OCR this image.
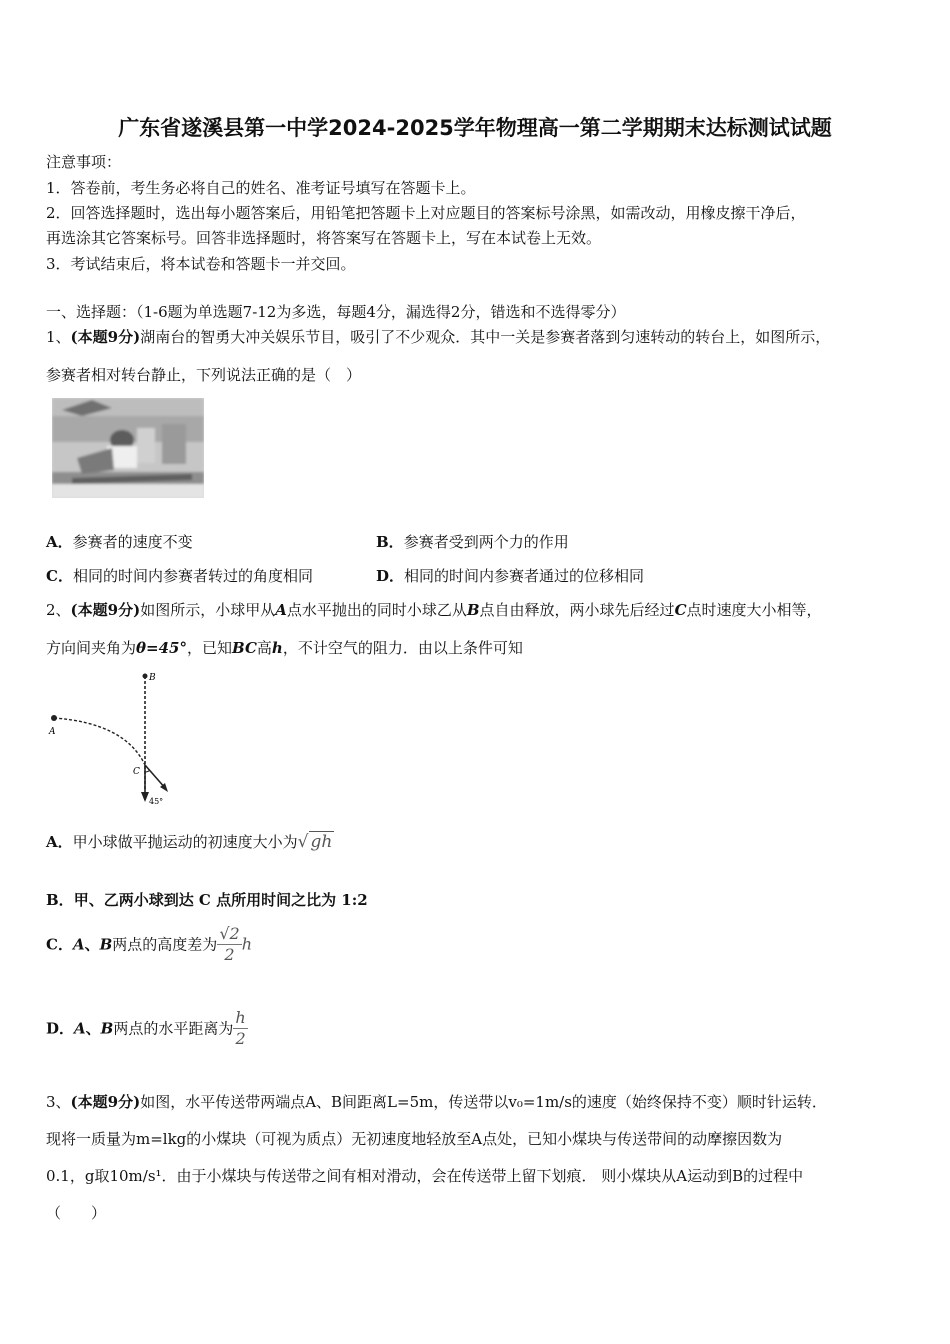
广东省遂溪县第一中学2024-2025学年物理高一第二学期期末达标测试试题
注意事项：
1．答卷前，考生务必将自己的姓名、准考证号填写在答题卡上。
2．回答选择题时，选出每小题答案后，用铅笔把答题卡上对应题目的答案标号涂黑，如需改动，用橡皮擦干净后，
再选涂其它答案标号。回答非选择题时，将答案写在答题卡上，写在本试卷上无效。
3．考试结束后，将本试卷和答题卡一并交回。
一、选择题：（1-6题为单选题7-12为多选，每题4分，漏选得2分，错选和不选得零分）
1、(本题9分)湖南台的智勇大冲关娱乐节目，吸引了不少观众．其中一关是参赛者落到匀速转动的转台上，如图所示，
参赛者相对转台静止，下列说法正确的是（　）
A．参赛者的速度不变	B．参赛者受到两个力的作用
C．相同的时间内参赛者转过的角度相同	D．相同的时间内参赛者通过的位移相同
2、(本题9分)如图所示，小球甲从A点水平抛出的同时小球乙从B点自由释放，两小球先后经过C点时速度大小相等，
方向间夹角为θ=45°，已知BC高h，不计空气的阻力．由以上条件可知
B
A
C
45°
A．甲小球做平抛运动的初速度大小为√ gh
B．甲、乙两小球到达 C 点所用时间之比为 1:2
C．A、B两点的高度差为 $\frac{√2}{2}$ h
D．A、B两点的水平距离为 $\frac{h}{2}$
3、(本题9分)如图，水平传送带两端点A、B间距离L=5m，传送带以v₀=1m/s的速度（始终保持不变）顺时针运转．
现将一质量为m=lkg的小煤块（可视为质点）无初速度地轻放至A点处，已知小煤块与传送带间的动摩擦因数为
0.1，g取10m/s¹．由于小煤块与传送带之间有相对滑动，会在传送带上留下划痕． 则小煤块从A运动到B的过程中
（　　）
